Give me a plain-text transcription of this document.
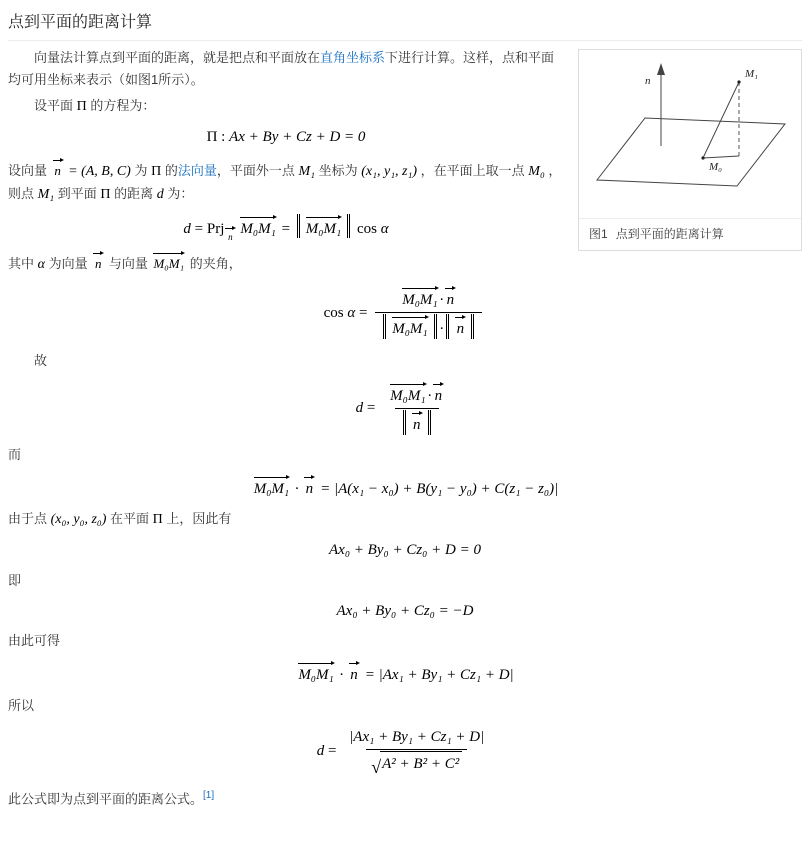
点到平面的距离计算
n
M₁
M₀
图1 点到平面的距离计算
向量法计算点到平面的距离，就是把点和平面放在直角坐标系下进行计算。这样，点和平面均可用坐标来表示（如图1所示）。
设平面 Π 的方程为：
Π : Ax + By + Cz + D = 0
设向量 n = (A, B, C) 为 Π 的法向量，平面外一点 M₁ 坐标为 (x₁, y₁, z₁) ，在平面上取一点 M₀ ，则点 M₁ 到平面 Π 的距离 d 为：
d = Prj n M₀M₁ = M₀M₁ cos α
其中 α 为向量 n 与向量 M₀M₁ 的夹角，
$\cos \alpha = \frac{\text{M₀M₁ · n}}{\text{M₀M₁ · n}}$
故
$d = \frac{\text{M₀M₁ · n}}{n}$
而
M₀M₁ · n = |A(x₁ − x₀) + B(y₁ − y₀) + C(z₁ − z₀)|
由于点 (x₀, y₀, z₀) 在平面 Π 上，因此有
Ax₀ + By₀ + Cz₀ + D = 0
即
Ax₀ + By₀ + Cz₀ = −D
由此可得
M₀M₁ · n = |Ax₁ + By₁ + Cz₁ + D|
所以
$d = \frac{\text{|Ax₁ + By₁ + Cz₁ + D|}}{\text{√ A² + B² + C²}}$
此公式即为点到平面的距离公式。[1]
